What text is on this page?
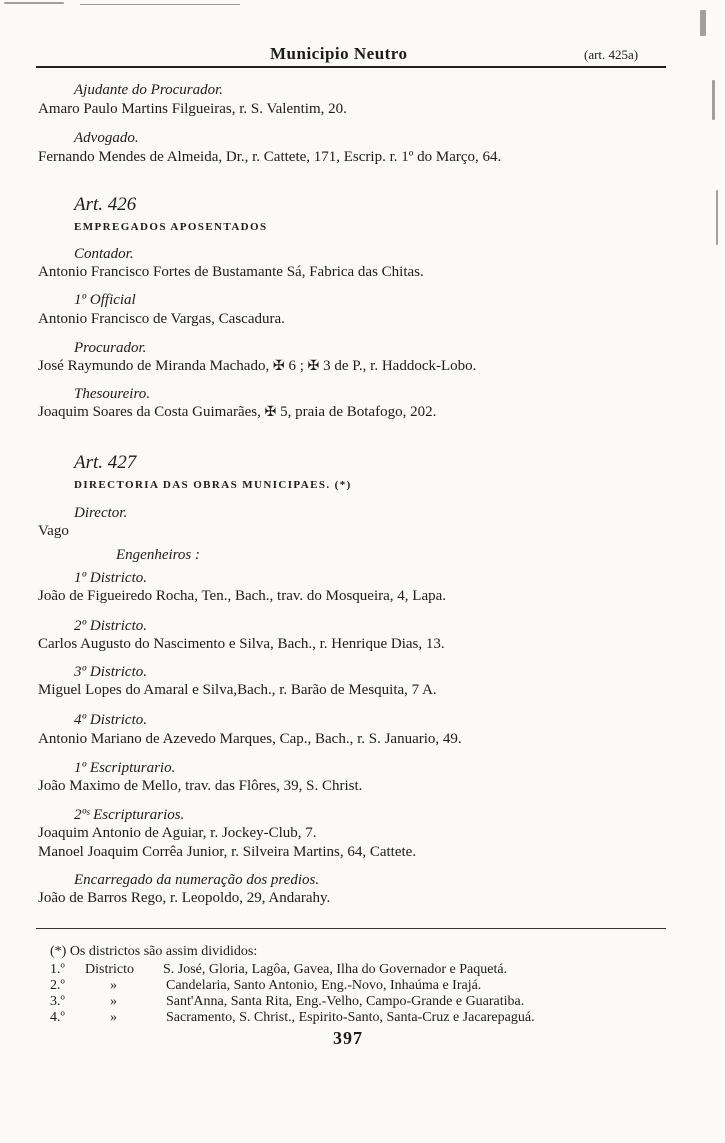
Municipio Neutro	(art. 425a)
Ajudante do Procurador.
Amaro Paulo Martins Filgueiras, r. S. Valentim, 20.
Advogado.
Fernando Mendes de Almeida, Dr., r. Cattete, 171, Escrip. r. 1º do Março, 64.
Art. 426
EMPREGADOS APOSENTADOS
Contador.
Antonio Francisco Fortes de Bustamante Sá, Fabrica das Chitas.
1º Official
Antonio Francisco de Vargas, Cascadura.
Procurador.
José Raymundo de Miranda Machado, ✠ 6 ; ✠ 3 de P., r. Haddock-Lobo.
Thesoureiro.
Joaquim Soares da Costa Guimarães, ✠ 5, praia de Botafogo, 202.
Art. 427
DIRECTORIA DAS OBRAS MUNICIPAES. (*)
Director.
Vago
Engenheiros :
1º Districto.
João de Figueiredo Rocha, Ten., Bach., trav. do Mosqueira, 4, Lapa.
2º Districto.
Carlos Augusto do Nascimento e Silva, Bach., r. Henrique Dias, 13.
3º Districto.
Miguel Lopes do Amaral e Silva,Bach., r. Barão de Mesquita, 7 A.
4º Districto.
Antonio Mariano de Azevedo Marques, Cap., Bach., r. S. Januario, 49.
1º Escripturario.
João Maximo de Mello, trav. das Flôres, 39, S. Christ.
2ºˢ Escripturarios.
Joaquim Antonio de Aguiar, r. Jockey-Club, 7.
Manoel Joaquim Corrêa Junior, r. Silveira Martins, 64, Cattete.
Encarregado da numeração dos predios.
João de Barros Rego, r. Leopoldo, 29, Andarahy.
(*) Os districtos são assim divididos:
1.º Districto S. José, Gloria, Lagôa, Gavea, Ilha do Governador e Paquetá.
2.º	»	Candelaria, Santo Antonio, Eng.-Novo, Inhaúma e Irajá.
3.º	»	Sant'Anna, Santa Rita, Eng.-Velho, Campo-Grande e Guaratiba.
4.º	»	Sacramento, S. Christ., Espirito-Santo, Santa-Cruz e Jacarepaguá.
397
